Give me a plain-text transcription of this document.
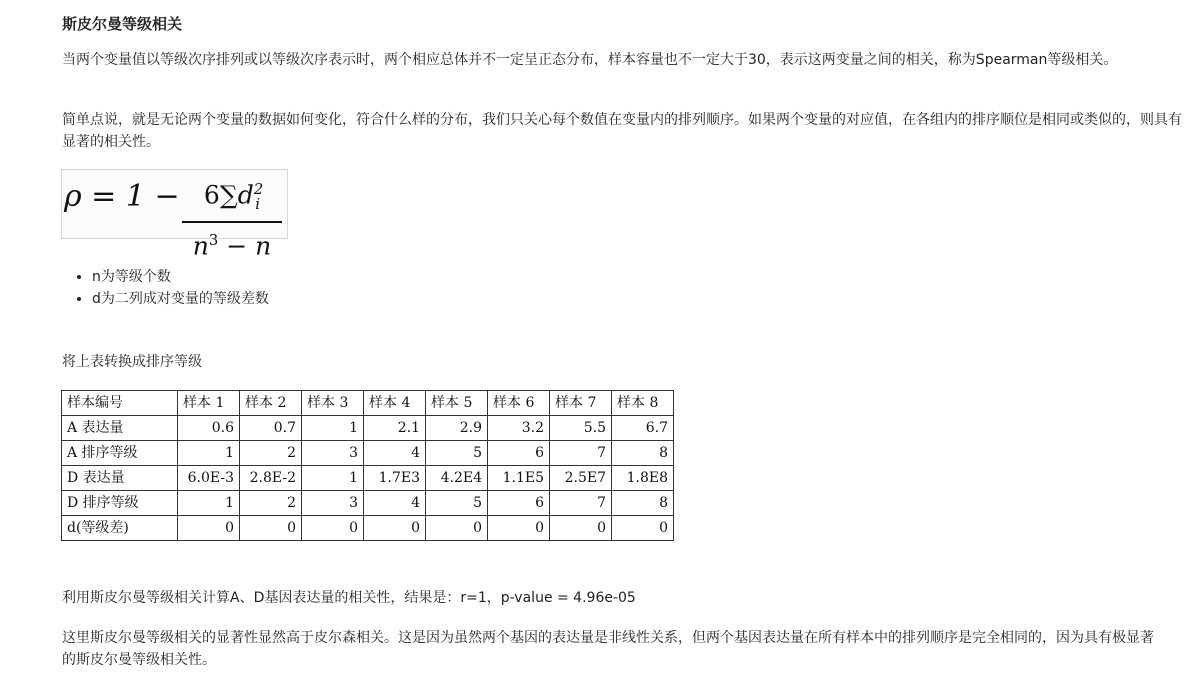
斯皮尔曼等级相关

当两个变量值以等级次序排列或以等级次序表示时，两个相应总体并不一定呈正态分布，样本容量也不一定大于30，表示这两变量之间的相关，称为Spearman等级相关。

简单点说，就是无论两个变量的数据如何变化，符合什么样的分布，我们只关心每个数值在变量内的排列顺序。如果两个变量的对应值，在各组内的排序顺位是相同或类似的，则具有显著的相关性。

$\rho = 1 - 6\sum d^2_i$
$n^3 - n$
• n为等级个数
• d为二列成对变量的等级差数

将上表转换成排序等级

样本编号	样本 1	样本 2	样本 3	样本 4	样本 5	样本 6	样本 7	样本 8
A 表达量	0.6	0.7	1	2.1	2.9	3.2	5.5	6.7
A 排序等级	1	2	3	4	5	6	7	8
D 表达量	6.0E-3	2.8E-2	1	1.7E3	4.2E4	1.1E5	2.5E7	1.8E8
D 排序等级	1	2	3	4	5	6	7	8
d(等级差)	0	0	0	0	0	0	0	0

利用斯皮尔曼等级相关计算A、D基因表达量的相关性，结果是：r=1，p-value = 4.96e-05

这里斯皮尔曼等级相关的显著性显然高于皮尔森相关。这是因为虽然两个基因的表达量是非线性关系，但两个基因表达量在所有样本中的排列顺序是完全相同的，因为具有极显著的斯皮尔曼等级相关性。
